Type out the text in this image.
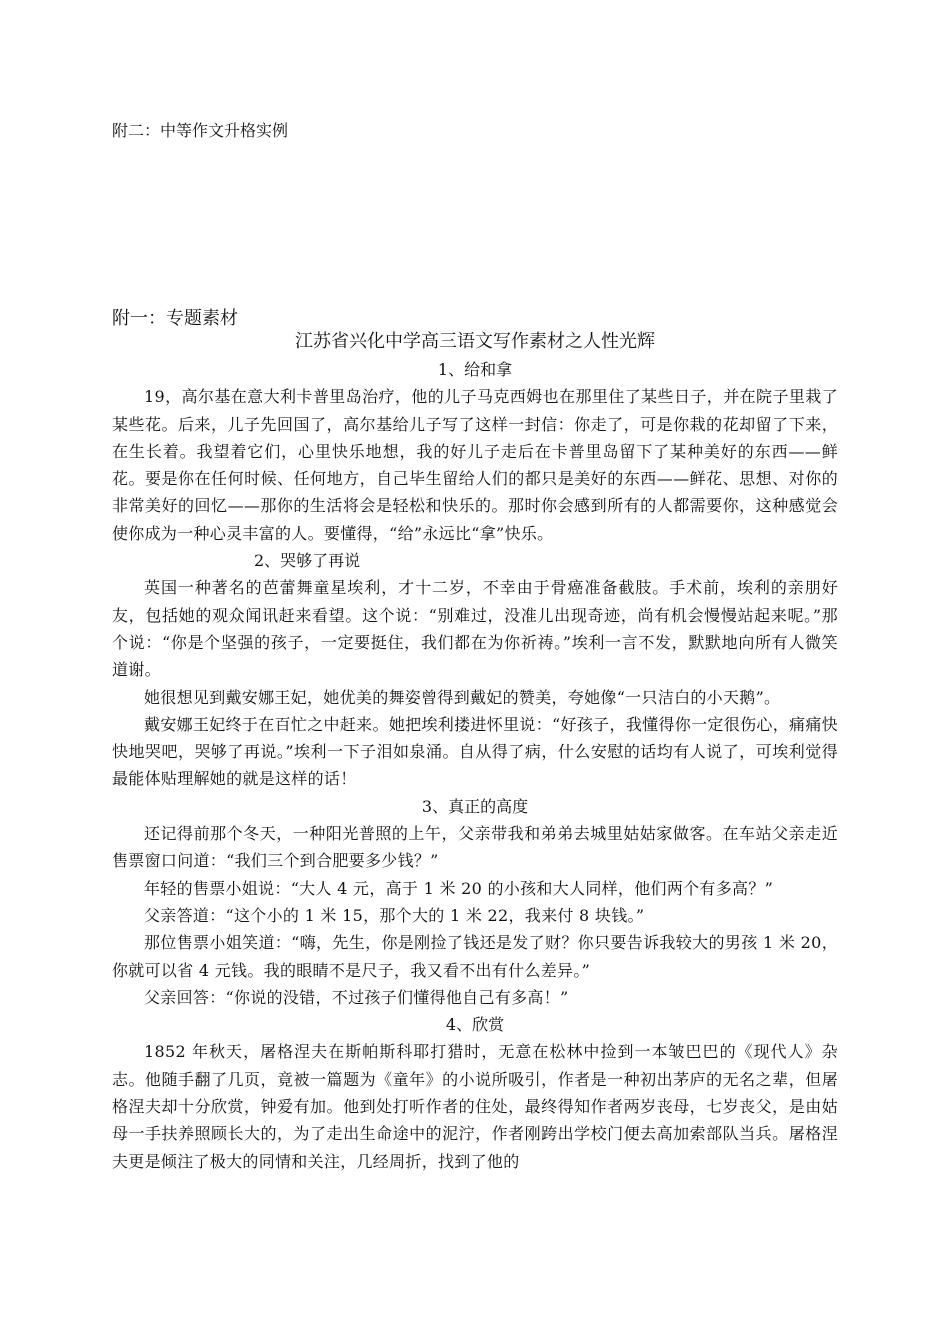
附二：中等作文升格实例
附一：专题素材
江苏省兴化中学高三语文写作素材之人性光辉
1、给和拿

19，高尔基在意大利卡普里岛治疗，他的儿子马克西姆也在那里住了某些日子，并在院子里栽了某些花。后来，儿子先回国了，高尔基给儿子写了这样一封信：你走了，可是你栽的花却留了下来，在生长着。我望着它们，心里快乐地想，我的好儿子走后在卡普里岛留下了某种美好的东西——鲜花。要是你在任何时候、任何地方，自己毕生留给人们的都只是美好的东西——鲜花、思想、对你的非常美好的回忆——那你的生活将会是轻松和快乐的。那时你会感到所有的人都需要你，这种感觉会使你成为一种心灵丰富的人。要懂得，“给”永远比“拿”快乐。

2、哭够了再说

英国一种著名的芭蕾舞童星埃利，才十二岁，不幸由于骨癌准备截肢。手术前，埃利的亲朋好友，包括她的观众闻讯赶来看望。这个说：“别难过，没准儿出现奇迹，尚有机会慢慢站起来呢。”那个说：“你是个坚强的孩子，一定要挺住，我们都在为你祈祷。”埃利一言不发，默默地向所有人微笑道谢。

她很想见到戴安娜王妃，她优美的舞姿曾得到戴妃的赞美，夸她像“一只洁白的小天鹅”。

戴安娜王妃终于在百忙之中赶来。她把埃利搂进怀里说：“好孩子，我懂得你一定很伤心，痛痛快快地哭吧，哭够了再说。”埃利一下子泪如泉涌。自从得了病，什么安慰的话均有人说了，可埃利觉得最能体贴理解她的就是这样的话！

3、真正的高度

还记得前那个冬天，一种阳光普照的上午，父亲带我和弟弟去城里姑姑家做客。在车站父亲走近售票窗口问道：“我们三个到合肥要多少钱？”

年轻的售票小姐说：“大人 4 元，高于 1 米 20 的小孩和大人同样，他们两个有多高？”

父亲答道：“这个小的 1 米 15，那个大的 1 米 22，我来付 8 块钱。”

那位售票小姐笑道：“嗨，先生，你是刚捡了钱还是发了财？你只要告诉我较大的男孩 1 米 20，你就可以省 4 元钱。我的眼睛不是尺子，我又看不出有什么差异。”

父亲回答：“你说的没错，不过孩子们懂得他自己有多高！”

4、欣赏

1852 年秋天，屠格涅夫在斯帕斯科耶打猎时，无意在松林中捡到一本皱巴巴的《现代人》杂志。他随手翻了几页，竟被一篇题为《童年》的小说所吸引，作者是一种初出茅庐的无名之辈，但屠格涅夫却十分欣赏，钟爱有加。他到处打听作者的住处，最终得知作者两岁丧母，七岁丧父，是由姑母一手扶养照顾长大的，为了走出生命途中的泥泞，作者刚跨出学校门便去高加索部队当兵。屠格涅夫更是倾注了极大的同情和关注，几经周折，找到了他的
